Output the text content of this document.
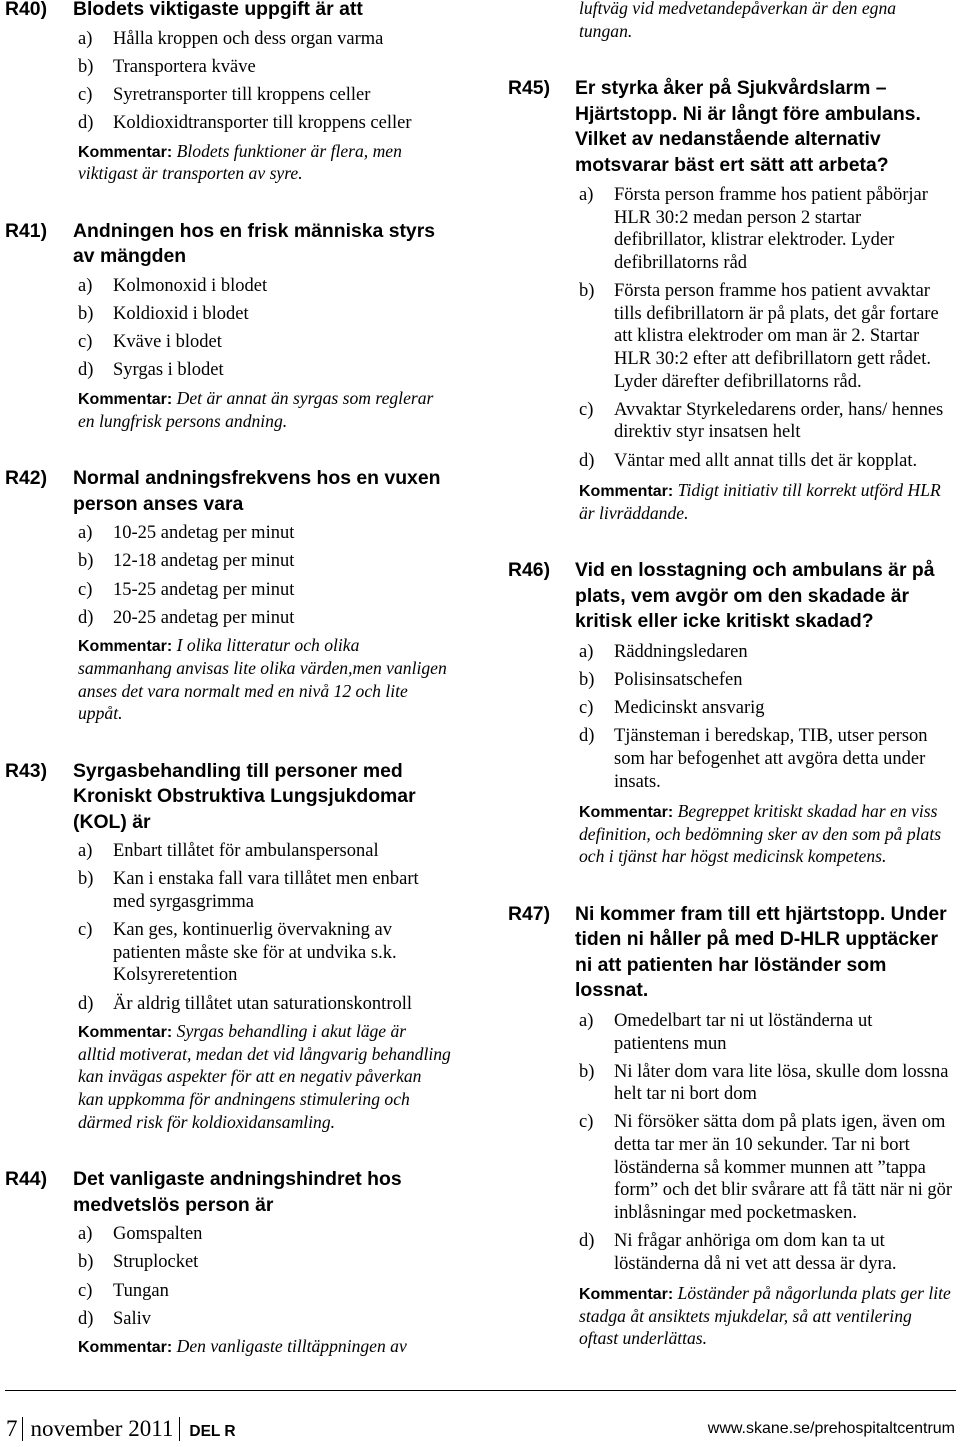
R40)	Blodets viktigaste uppgift är att
a)	Hålla kroppen och dess organ varma
b)	Transportera kväve
c)	Syretransporter till kroppens celler
d)	Koldioxidtransporter till kroppens celler
Kommentar: Blodets funktioner är flera, men
viktigast är transporten av syre.
R41)	Andningen hos en frisk människa styrs
av mängden
a)	Kolmonoxid i blodet
b)	Koldioxid i blodet
c)	Kväve i blodet
d)	Syrgas i blodet
Kommentar: Det är annat än syrgas som reglerar
en lungfrisk persons andning.
R42)	Normal andningsfrekvens hos en vuxen
person anses vara
a)	10-25 andetag per minut
b)	12-18 andetag per minut
c)	15-25 andetag per minut
d)	20-25 andetag per minut
Kommentar: I olika litteratur och olika
sammanhang anvisas lite olika värden,men vanligen
anses det vara normalt med en nivå 12 och lite
uppåt.
R43)	Syrgasbehandling till personer med
Kroniskt Obstruktiva Lungsjukdomar
(KOL) är
a)	Enbart tillåtet för ambulanspersonal
b)	Kan i enstaka fall vara tillåtet men enbart
med syrgasgrimma
c)	Kan ges, kontinuerlig övervakning av
patienten måste ske för at undvika s.k.
Kolsyreretention
d)	Är aldrig tillåtet utan saturationskontroll
Kommentar: Syrgas behandling i akut läge är
alltid motiverat, medan det vid långvarig behandling
kan invägas aspekter för att en negativ påverkan
kan uppkomma för andningens stimulering och
därmed risk för koldioxidansamling.
R44)	Det vanligaste andningshindret hos
medvetslös person är
a)	Gomspalten
b)	Struplocket
c)	Tungan
d)	Saliv
Kommentar: Den vanligaste tilltäppningen av
luftväg vid medvetandepåverkan är den egna
tungan.
R45)	Er styrka åker på Sjukvårdslarm –
Hjärtstopp. Ni är långt före ambulans.
Vilket av nedanstående alternativ
motsvarar bäst ert sätt att arbeta?
a)	Första person framme hos patient påbörjar
HLR 30:2 medan person 2 startar
defibrillator, klistrar elektroder. Lyder
defibrillatorns råd
b)	Första person framme hos patient avvaktar
tills defibrillatorn är på plats, det går fortare
att klistra elektroder om man är 2. Startar
HLR 30:2 efter att defibrillatorn gett rådet.
Lyder därefter defibrillatorns råd.
c)	Avvaktar Styrkeledarens order, hans/ hennes
direktiv styr insatsen helt
d)	Väntar med allt annat tills det är kopplat.
Kommentar: Tidigt initiativ till korrekt utförd HLR
är livräddande.
R46)	Vid en losstagning och ambulans är på
plats, vem avgör om den skadade är
kritisk eller icke kritiskt skadad?
a)	Räddningsledaren
b)	Polisinsatschefen
c)	Medicinskt ansvarig
d)	Tjänsteman i beredskap, TIB, utser person
som har befogenhet att avgöra detta under
insats.
Kommentar: Begreppet kritiskt skadad har en viss
definition, och bedömning sker av den som på plats
och i tjänst har högst medicinsk kompetens.
R47)	Ni kommer fram till ett hjärtstopp. Under
tiden ni håller på med D-HLR upptäcker
ni att patienten har löständer som
lossnat.
a)	Omedelbart tar ni ut löständerna ut
patientens mun
b)	Ni låter dom vara lite lösa, skulle dom lossna
helt tar ni bort dom
c)	Ni försöker sätta dom på plats igen, även om
detta tar mer än 10 sekunder. Tar ni bort
löständerna så kommer munnen att ”tappa
form” och det blir svårare att få tätt när ni gör
inblåsningar med pocketmasken.
d)	Ni frågar anhöriga om dom kan ta ut
löständerna då ni vet att dessa är dyra.
Kommentar: Löständer på någorlunda plats ger lite
stadga åt ansiktets mjukdelar, så att ventilering
oftast underlättas.
7 november 2011 DEL R	www.skane.se/prehospitaltcentrum
